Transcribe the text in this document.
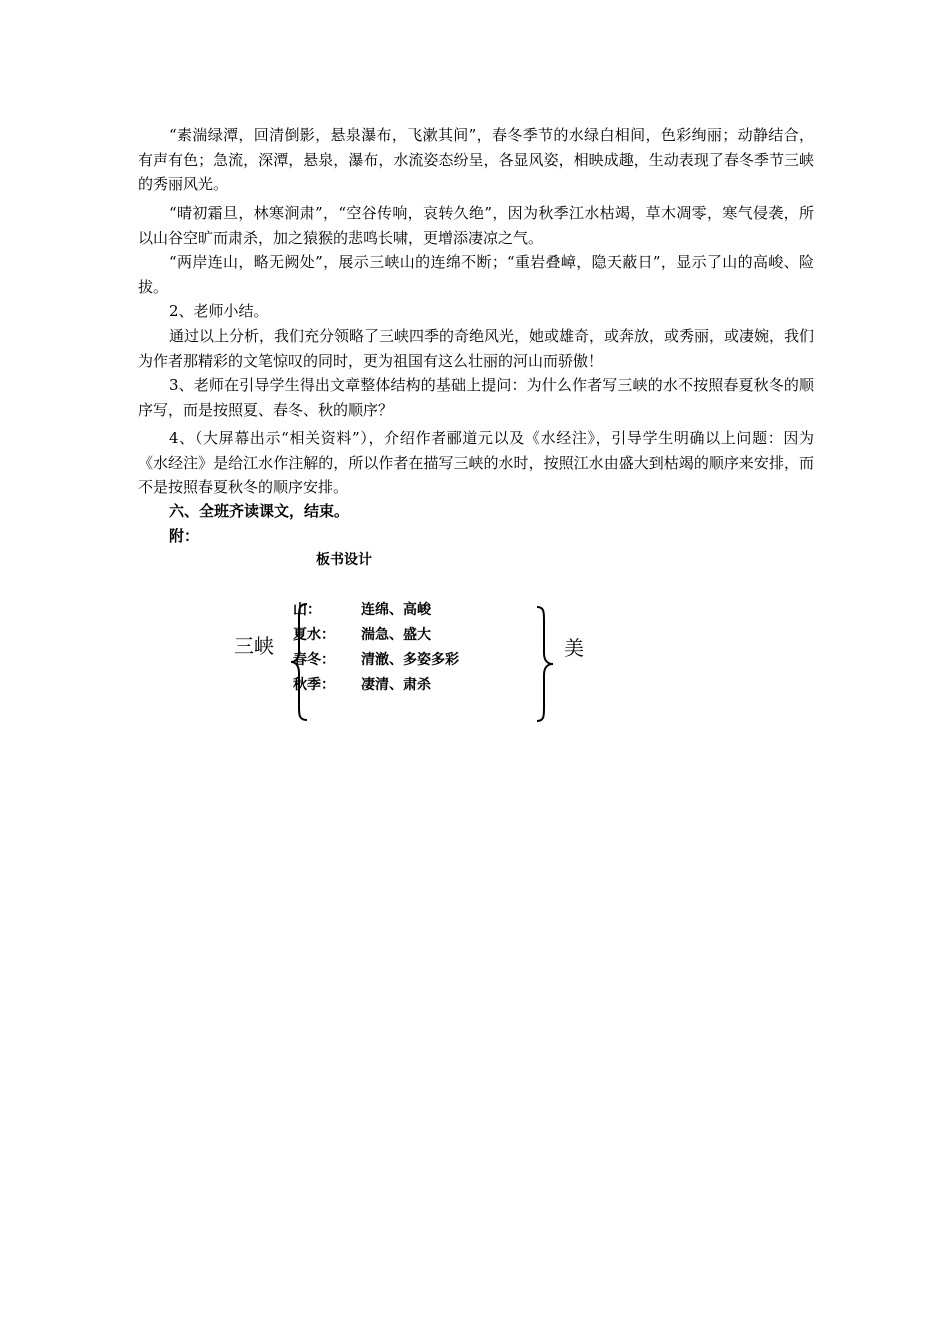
“素湍绿潭，回清倒影，悬泉瀑布，飞漱其间”，春冬季节的水绿白相间，色彩绚丽；动静结合，有声有色；急流，深潭，悬泉，瀑布，水流姿态纷呈，各显风姿，相映成趣，生动表现了春冬季节三峡的秀丽风光。

“晴初霜旦，林寒涧肃”，“空谷传响，哀转久绝”，因为秋季江水枯竭，草木凋零，寒气侵袭，所以山谷空旷而肃杀，加之猿猴的悲鸣长啸，更增添凄凉之气。

“两岸连山，略无阙处”，展示三峡山的连绵不断；“重岩叠嶂，隐天蔽日”，显示了山的高峻、险拔。

2、老师小结。

通过以上分析，我们充分领略了三峡四季的奇绝风光，她或雄奇，或奔放，或秀丽，或凄婉，我们为作者那精彩的文笔惊叹的同时，更为祖国有这么壮丽的河山而骄傲！

3、老师在引导学生得出文章整体结构的基础上提问：为什么作者写三峡的水不按照春夏秋冬的顺序写，而是按照夏、春冬、秋的顺序？

4、（大屏幕出示“相关资料”），介绍作者郦道元以及《水经注》，引导学生明确以上问题：因为《水经注》是给江水作注解的，所以作者在描写三峡的水时，按照江水由盛大到枯竭的顺序来安排，而不是按照春夏秋冬的顺序安排。

六、全班齐读课文，结束。

附：

板书设计

三峡
山：	连绵、高峻
夏水： 湍急、盛大
春冬： 清澈、多姿多彩
秋季： 凄清、肃杀
美
